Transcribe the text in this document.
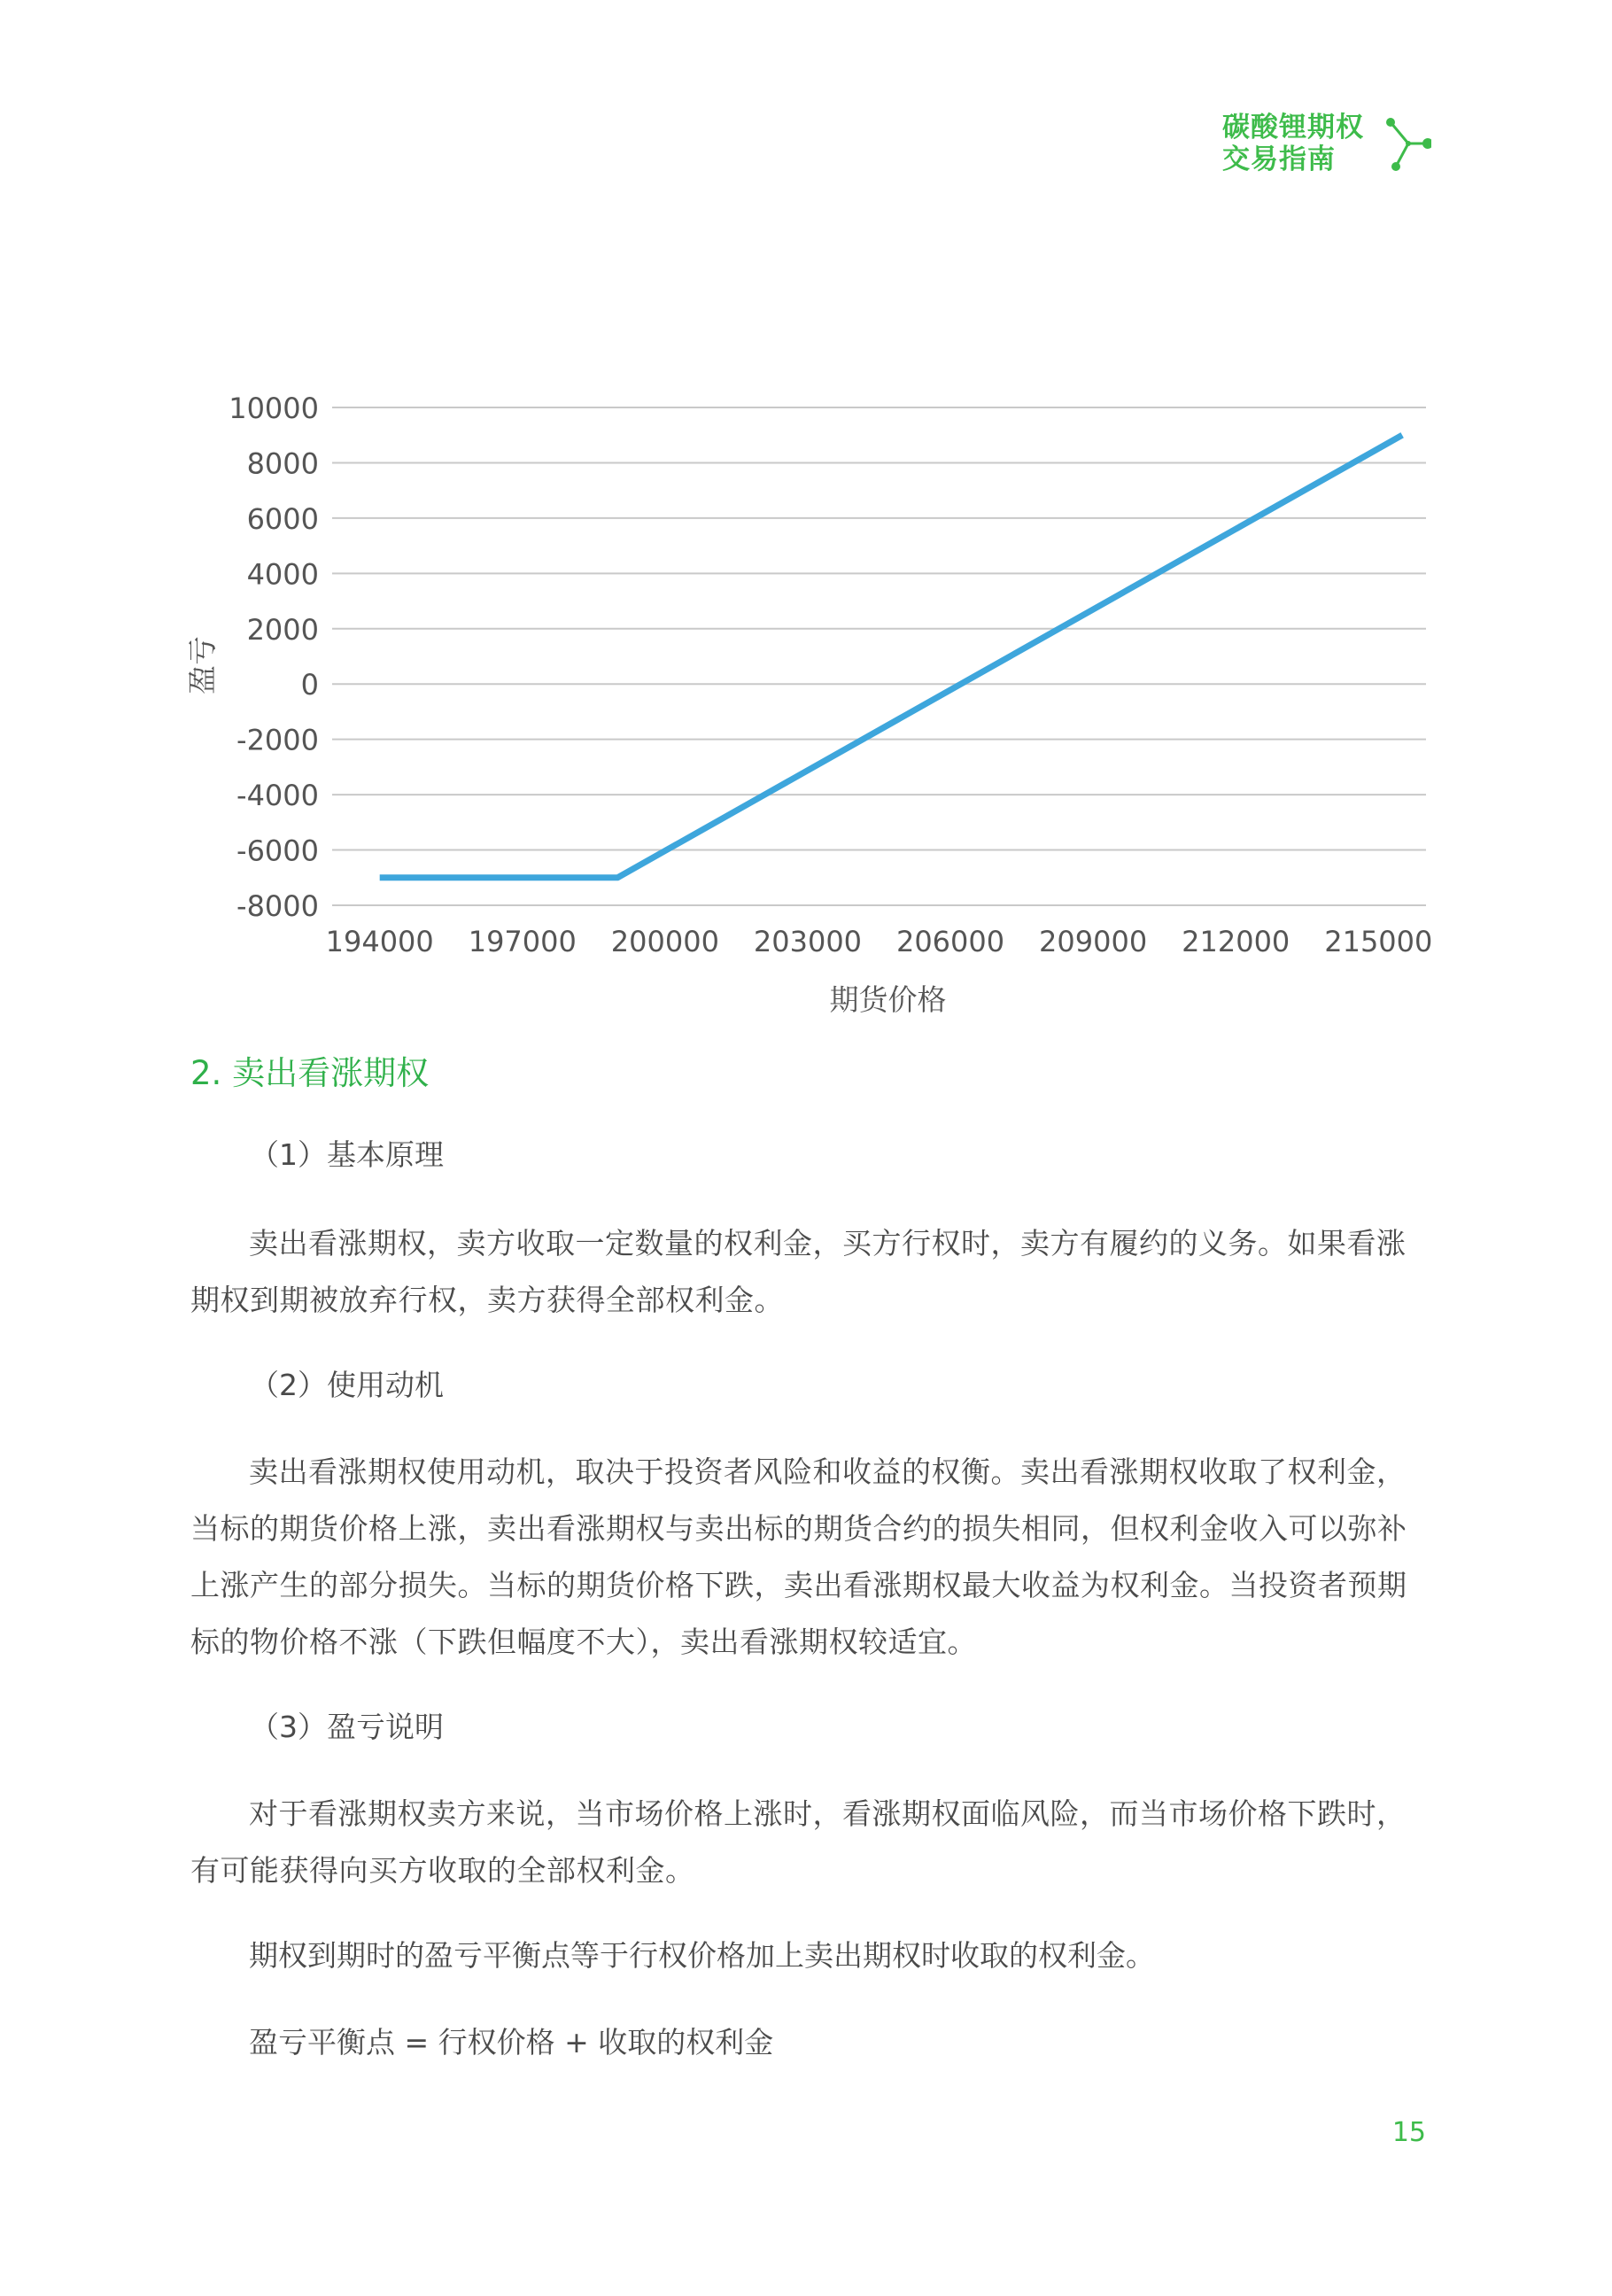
碳酸锂期权
交易指南
10000
8000
6000
4000
2000
0
-2000
-4000
-6000
-8000
194000 197000 200000 203000 206000 209000 212000 215000
期货价格
盈亏
2. 卖出看涨期权
（1）基本原理
卖出看涨期权，卖方收取一定数量的权利金，买方行权时，卖方有履约的义务。如果看涨期权到期被放弃行权，卖方获得全部权利金。
（2）使用动机
卖出看涨期权使用动机，取决于投资者风险和收益的权衡。卖出看涨期权收取了权利金，当标的期货价格上涨，卖出看涨期权与卖出标的期货合约的损失相同，但权利金收入可以弥补上涨产生的部分损失。当标的期货价格下跌，卖出看涨期权最大收益为权利金。当投资者预期标的物价格不涨（下跌但幅度不大），卖出看涨期权较适宜。
（3）盈亏说明
对于看涨期权卖方来说，当市场价格上涨时，看涨期权面临风险，而当市场价格下跌时，有可能获得向买方收取的全部权利金。
期权到期时的盈亏平衡点等于行权价格加上卖出期权时收取的权利金。
盈亏平衡点 = 行权价格 + 收取的权利金
15
